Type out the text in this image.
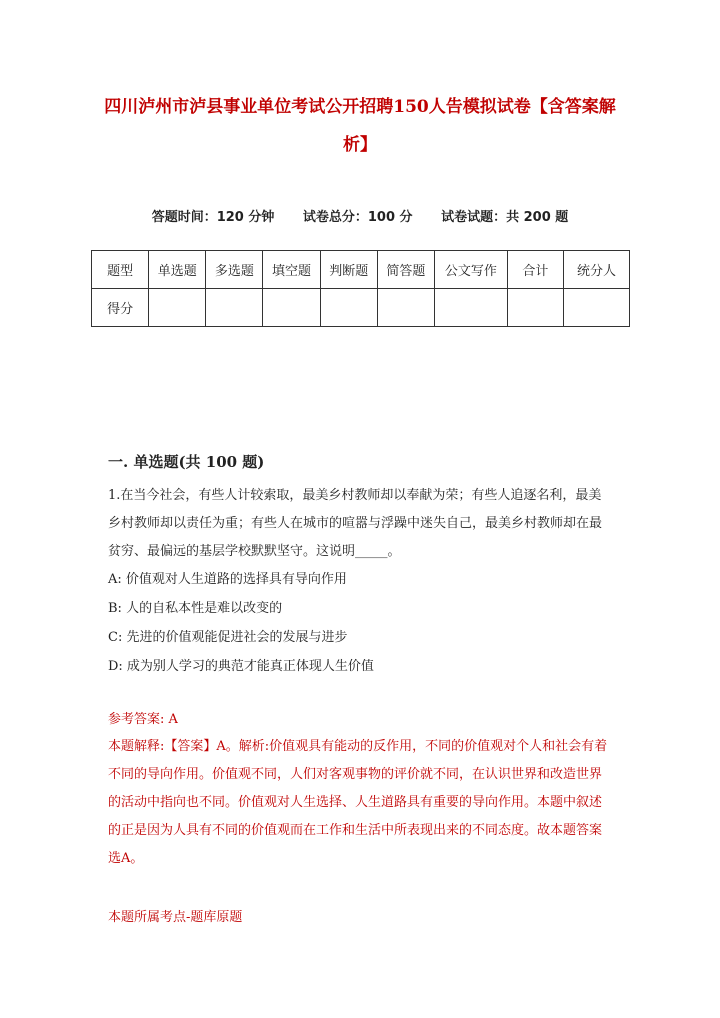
四川泸州市泸县事业单位考试公开招聘150人告模拟试卷【含答案解析】
答题时间：120 分钟 试卷总分：100 分 试卷试题：共 200 题
题型	单选题	多选题	填空题	判断题	简答题	公文写作	合计	统分人
得分								
一. 单选题(共 100 题)
1.在当今社会，有些人计较索取，最美乡村教师却以奉献为荣；有些人追逐名利，最美乡村教师却以责任为重；有些人在城市的喧嚣与浮躁中迷失自己，最美乡村教师却在最贫穷、最偏远的基层学校默默坚守。这说明_____。
A: 价值观对人生道路的选择具有导向作用
B: 人的自私本性是难以改变的
C: 先进的价值观能促进社会的发展与进步
D: 成为别人学习的典范才能真正体现人生价值
参考答案: A
本题解释:【答案】A。解析:价值观具有能动的反作用，不同的价值观对个人和社会有着不同的导向作用。价值观不同，人们对客观事物的评价就不同，在认识世界和改造世界的活动中指向也不同。价值观对人生选择、人生道路具有重要的导向作用。本题中叙述的正是因为人具有不同的价值观而在工作和生活中所表现出来的不同态度。故本题答案选A。
本题所属考点-题库原题
